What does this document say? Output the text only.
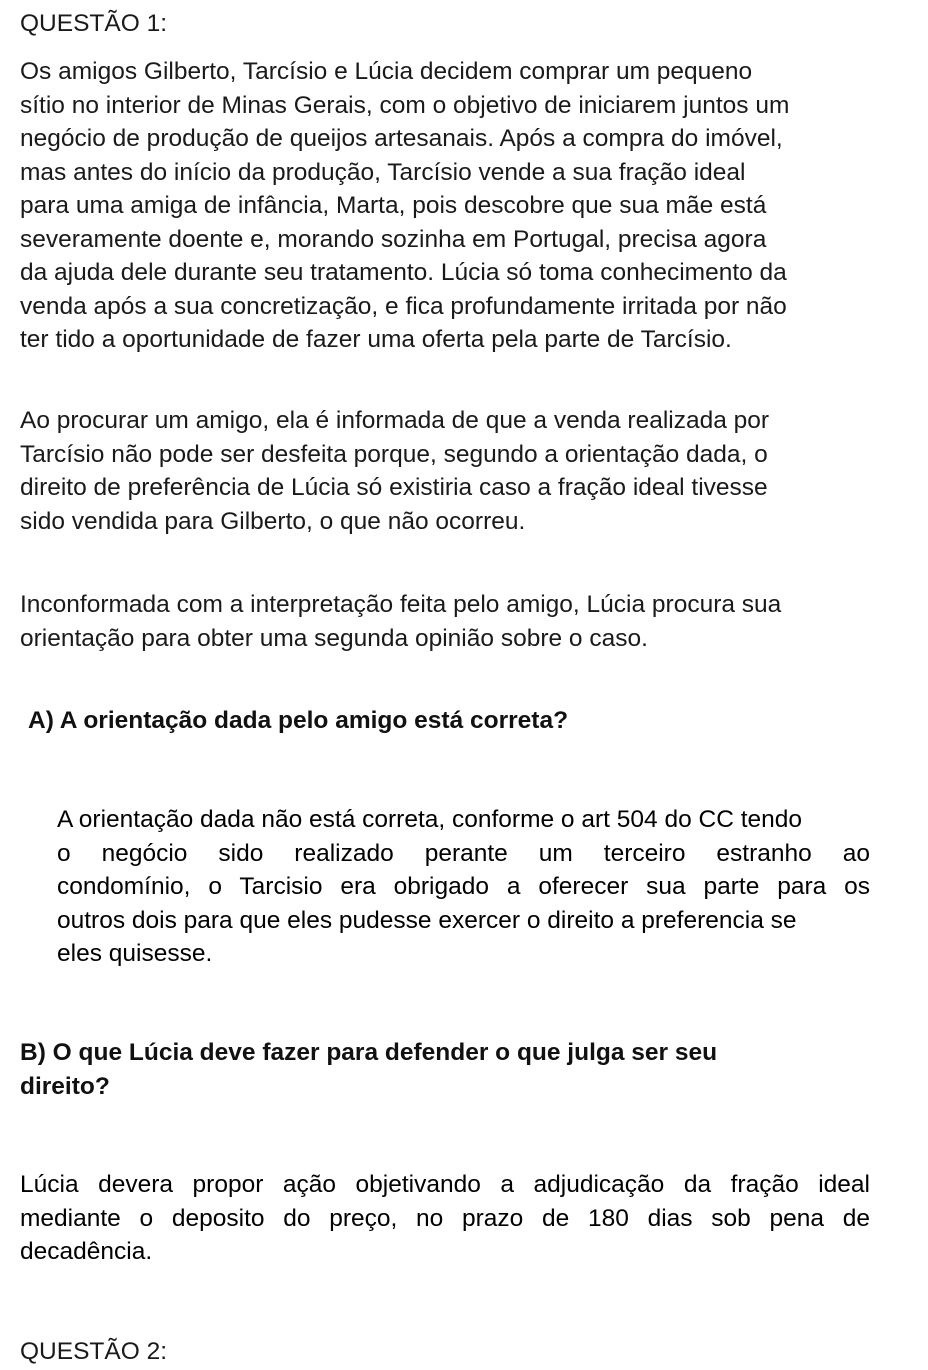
QUESTÃO 1:
Os amigos Gilberto, Tarcísio e Lúcia decidem comprar um pequeno
sítio no interior de Minas Gerais, com o objetivo de iniciarem juntos um
negócio de produção de queijos artesanais. Após a compra do imóvel,
mas antes do início da produção, Tarcísio vende a sua fração ideal
para uma amiga de infância, Marta, pois descobre que sua mãe está
severamente doente e, morando sozinha em Portugal, precisa agora
da ajuda dele durante seu tratamento. Lúcia só toma conhecimento da
venda após a sua concretização, e fica profundamente irritada por não
ter tido a oportunidade de fazer uma oferta pela parte de Tarcísio.
Ao procurar um amigo, ela é informada de que a venda realizada por
Tarcísio não pode ser desfeita porque, segundo a orientação dada, o
direito de preferência de Lúcia só existiria caso a fração ideal tivesse
sido vendida para Gilberto, o que não ocorreu.
Inconformada com a interpretação feita pelo amigo, Lúcia procura sua
orientação para obter uma segunda opinião sobre o caso.
A) A orientação dada pelo amigo está correta?
A orientação dada não está correta, conforme o art 504 do CC tendo
o negócio sido realizado perante um terceiro estranho ao
condomínio, o Tarcisio era obrigado a oferecer sua parte para os
outros dois para que eles pudesse exercer o direito a preferencia se
eles quisesse.
B) O que Lúcia deve fazer para defender o que julga ser seu
direito?
Lúcia devera propor ação objetivando a adjudicação da fração ideal
mediante o deposito do preço, no prazo de 180 dias sob pena de
decadência.
QUESTÃO 2:
